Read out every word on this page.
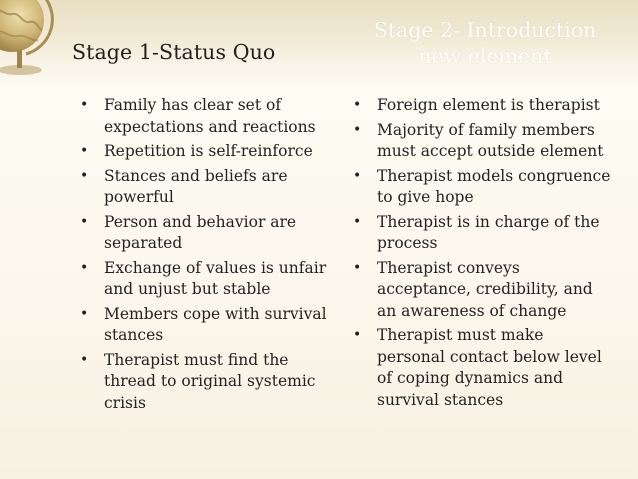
Stage 1-Status Quo
Stage 2- Introduction
new element
• Family has clear set of expectations and reactions
• Repetition is self-reinforce
• Stances and beliefs are powerful
• Person and behavior are separated
• Exchange of values is unfair and unjust but stable
• Members cope with survival stances
• Therapist must find the thread to original systemic crisis
• Foreign element is therapist
• Majority of family members must accept outside element
• Therapist models congruence to give hope
• Therapist is in charge of the process
• Therapist conveys acceptance, credibility, and an awareness of change
• Therapist must make personal contact below level of coping dynamics and survival stances
